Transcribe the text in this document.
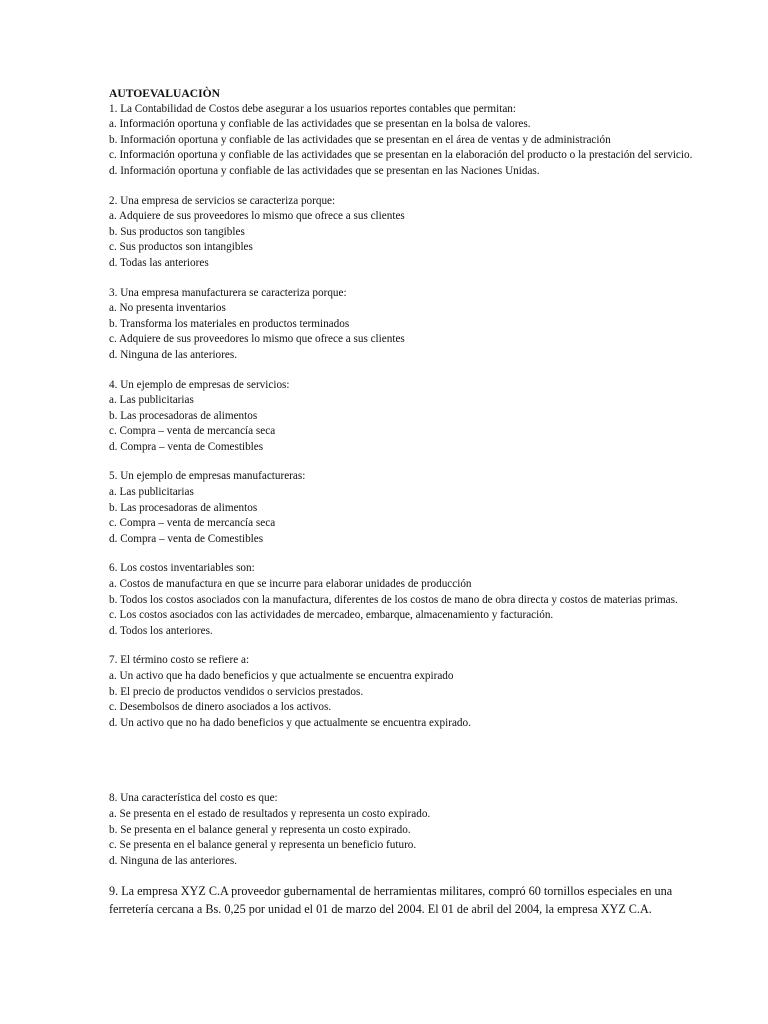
AUTOEVALUACIÒN

1. La Contabilidad de Costos debe asegurar a los usuarios reportes contables que permitan:

a. Información oportuna y confiable de las actividades que se presentan en la bolsa de valores.

b. Información oportuna y confiable de las actividades que se presentan en el área de ventas y de administración

c. Información oportuna y confiable de las actividades que se presentan en la elaboración del producto o la prestación del servicio.

d. Información oportuna y confiable de las actividades que se presentan en las Naciones Unidas.

2. Una empresa de servicios se caracteriza porque:

a. Adquiere de sus proveedores lo mismo que ofrece a sus clientes

b. Sus productos son tangibles

c. Sus productos son intangibles

d. Todas las anteriores

3. Una empresa manufacturera se caracteriza porque:

a. No presenta inventarios

b. Transforma los materiales en productos terminados

c. Adquiere de sus proveedores lo mismo que ofrece a sus clientes

d. Ninguna de las anteriores.

4. Un ejemplo de empresas de servicios:

a. Las publicitarias

b. Las procesadoras de alimentos

c. Compra – venta de mercancía seca

d. Compra – venta de Comestibles

5. Un ejemplo de empresas manufactureras:

a. Las publicitarias

b. Las procesadoras de alimentos

c. Compra – venta de mercancía seca

d. Compra – venta de Comestibles

6. Los costos inventariables son:

a. Costos de manufactura en que se incurre para elaborar unidades de producción

b. Todos los costos asociados con la manufactura, diferentes de los costos de mano de obra directa y costos de materias primas.

c. Los costos asociados con las actividades de mercadeo, embarque, almacenamiento y facturación.

d. Todos los anteriores.

7. El término costo se refiere a:

a. Un activo que ha dado beneficios y que actualmente se encuentra expirado

b. El precio de productos vendidos o servicios prestados.

c. Desembolsos de dinero asociados a los activos.

d. Un activo que no ha dado beneficios y que actualmente se encuentra expirado.

8. Una característica del costo es que:

a. Se presenta en el estado de resultados y representa un costo expirado.

b. Se presenta en el balance general y representa un costo expirado.

c. Se presenta en el balance general y representa un beneficio futuro.

d. Ninguna de las anteriores.

9. La empresa XYZ C.A proveedor gubernamental de herramientas militares, compró 60 tornillos especiales en una ferretería cercana a Bs. 0,25 por unidad el 01 de marzo del 2004. El 01 de abril del 2004, la empresa XYZ C.A.
